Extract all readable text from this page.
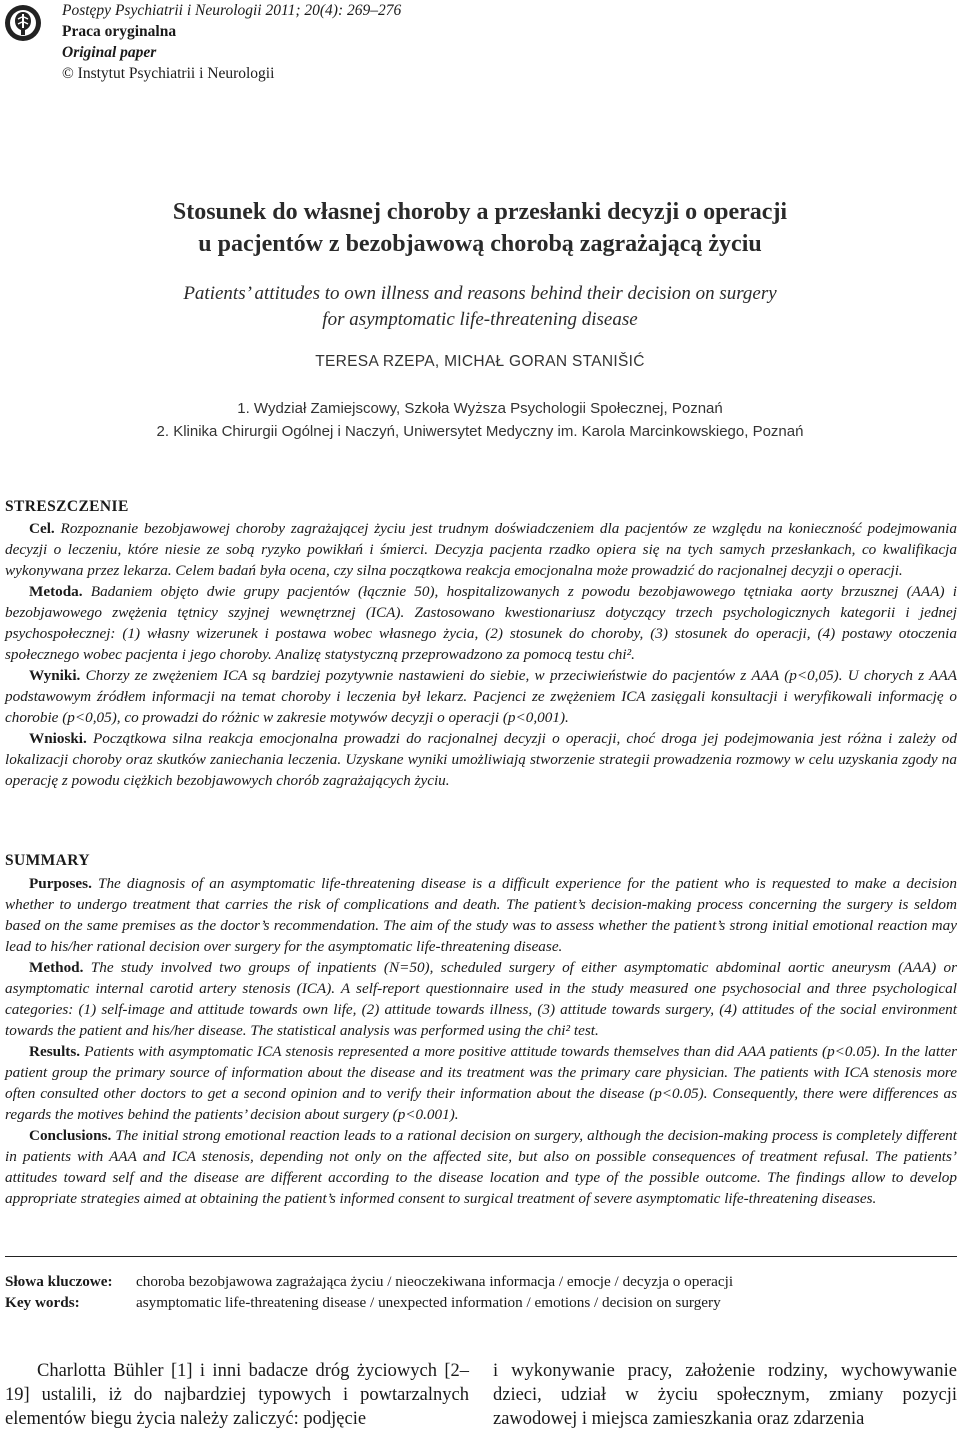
Postępy Psychiatrii i Neurologii 2011; 20(4): 269–276
Praca oryginalna
Original paper
© Instytut Psychiatrii i Neurologii
Stosunek do własnej choroby a przesłanki decyzji o operacji
u pacjentów z bezobjawową chorobą zagrażającą życiu
Patients’ attitudes to own illness and reasons behind their decision on surgery
for asymptomatic life-threatening disease
TERESA RZEPA, MICHAŁ GORAN STANIŠIĆ
1. Wydział Zamiejscowy, Szkoła Wyższa Psychologii Społecznej, Poznań
2. Klinika Chirurgii Ogólnej i Naczyń, Uniwersytet Medyczny im. Karola Marcinkowskiego, Poznań
STRESZCZENIE

Cel. Rozpoznanie bezobjawowej choroby zagrażającej życiu jest trudnym doświadczeniem dla pacjentów ze względu na konieczność podejmowania decyzji o leczeniu, które niesie ze sobą ryzyko powikłań i śmierci. Decyzja pacjenta rzadko opiera się na tych samych przesłankach, co kwalifikacja wykonywana przez lekarza. Celem badań była ocena, czy silna początkowa reakcja emocjonalna może prowadzić do racjonalnej decyzji o operacji.

Metoda. Badaniem objęto dwie grupy pacjentów (łącznie 50), hospitalizowanych z powodu bezobjawowego tętniaka aorty brzusznej (AAA) i bezobjawowego zwężenia tętnicy szyjnej wewnętrznej (ICA). Zastosowano kwestionariusz dotyczący trzech psychologicznych kategorii i jednej psychospołecznej: (1) własny wizerunek i postawa wobec własnego życia, (2) stosunek do choroby, (3) stosunek do operacji, (4) postawy otoczenia społecznego wobec pacjenta i jego choroby. Analizę statystyczną przeprowadzono za pomocą testu chi².

Wyniki. Chorzy ze zwężeniem ICA są bardziej pozytywnie nastawieni do siebie, w przeciwieństwie do pacjentów z AAA (p<0,05). U chorych z AAA podstawowym źródłem informacji na temat choroby i leczenia był lekarz. Pacjenci ze zwężeniem ICA zasięgali konsultacji i weryfikowali informację o chorobie (p<0,05), co prowadzi do różnic w zakresie motywów decyzji o operacji (p<0,001).

Wnioski. Początkowa silna reakcja emocjonalna prowadzi do racjonalnej decyzji o operacji, choć droga jej podejmowania jest różna i zależy od lokalizacji choroby oraz skutków zaniechania leczenia. Uzyskane wyniki umożliwiają stworzenie strategii prowadzenia rozmowy w celu uzyskania zgody na operację z powodu ciężkich bezobjawowych chorób zagrażających życiu.

SUMMARY

Purposes. The diagnosis of an asymptomatic life-threatening disease is a difficult experience for the patient who is requested to make a decision whether to undergo treatment that carries the risk of complications and death. The patient’s decision-making process concerning the surgery is seldom based on the same premises as the doctor’s recommendation. The aim of the study was to assess whether the patient’s strong initial emotional reaction may lead to his/her rational decision over surgery for the asymptomatic life-threatening disease.

Method. The study involved two groups of inpatients (N=50), scheduled surgery of either asymptomatic abdominal aortic aneurysm (AAA) or asymptomatic internal carotid artery stenosis (ICA). A self-report questionnaire used in the study measured one psychosocial and three psychological categories: (1) self-image and attitude towards own life, (2) attitude towards illness, (3) attitude towards surgery, (4) attitudes of the social environment towards the patient and his/her disease. The statistical analysis was performed using the chi² test.

Results. Patients with asymptomatic ICA stenosis represented a more positive attitude towards themselves than did AAA patients (p<0.05). In the latter patient group the primary source of information about the disease and its treatment was the primary care physician. The patients with ICA stenosis more often consulted other doctors to get a second opinion and to verify their information about the disease (p<0.05). Consequently, there were differences as regards the motives behind the patients’ decision about surgery (p<0.001).

Conclusions. The initial strong emotional reaction leads to a rational decision on surgery, although the decision-making process is completely different in patients with AAA and ICA stenosis, depending not only on the affected site, but also on possible consequences of treatment refusal. The patients’ attitudes toward self and the disease are different according to the disease location and type of the possible outcome. The findings allow to develop appropriate strategies aimed at obtaining the patient’s informed consent to surgical treatment of severe asymptomatic life-threatening diseases.

Słowa kluczowe:	choroba bezobjawowa zagrażająca życiu / nieoczekiwana informacja / emocje / decyzja o operacji
Key words:	asymptomatic life-threatening disease / unexpected information / emotions / decision on surgery

Charlotta Bühler [1] i inni badacze dróg życiowych [2–19] ustalili, iż do najbardziej typowych i powtarzalnych elementów biegu życia należy zaliczyć: podjęcie

i wykonywanie pracy, założenie rodziny, wychowywanie dzieci, udział w życiu społecznym, zmiany pozycji zawodowej i miejsca zamieszkania oraz zdarzenia
